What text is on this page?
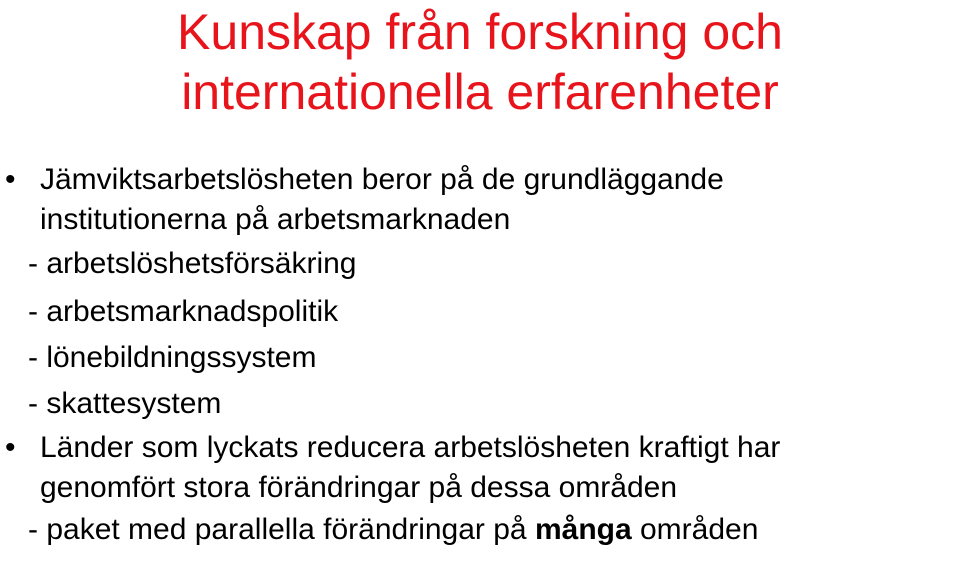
Kunskap från forskning och
internationella erfarenheter
• Jämviktsarbetslösheten beror på de grundläggande
institutionerna på arbetsmarknaden
- arbetslöshetsförsäkring
- arbetsmarknadspolitik
- lönebildningssystem
- skattesystem
• Länder som lyckats reducera arbetslösheten kraftigt har
genomfört stora förändringar på dessa områden
- paket med parallella förändringar på många områden
